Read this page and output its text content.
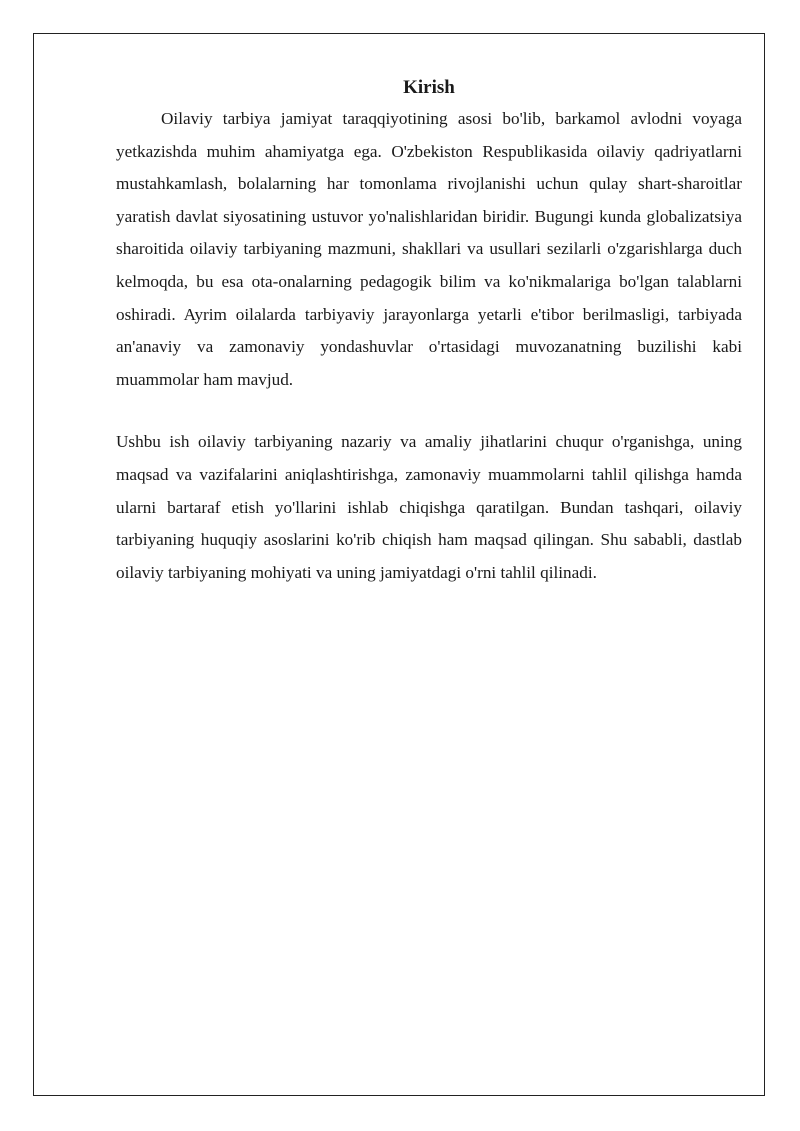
Kirish

Oilaviy tarbiya jamiyat taraqqiyotining asosi bo'lib, barkamol avlodni voyaga yetkazishda muhim ahamiyatga ega. O'zbekiston Respublikasida oilaviy qadriyatlarni mustahkamlash, bolalarning har tomonlama rivojlanishi uchun qulay shart-sharoitlar yaratish davlat siyosatining ustuvor yo'nalishlaridan biridir. Bugungi kunda globalizatsiya sharoitida oilaviy tarbiyaning mazmuni, shakllari va usullari sezilarli o'zgarishlarga duch kelmoqda, bu esa ota-onalarning pedagogik bilim va ko'nikmalariga bo'lgan talablarni oshiradi. Ayrim oilalarda tarbiyaviy jarayonlarga yetarli e'tibor berilmasligi, tarbiyada an'anaviy va zamonaviy yondashuvlar o'rtasidagi muvozanatning buzilishi kabi muammolar ham mavjud.

Ushbu ish oilaviy tarbiyaning nazariy va amaliy jihatlarini chuqur o'rganishga, uning maqsad va vazifalarini aniqlashtirishga, zamonaviy muammolarni tahlil qilishga hamda ularni bartaraf etish yo'llarini ishlab chiqishga qaratilgan. Bundan tashqari, oilaviy tarbiyaning huquqiy asoslarini ko'rib chiqish ham maqsad qilingan. Shu sababli, dastlab oilaviy tarbiyaning mohiyati va uning jamiyatdagi o'rni tahlil qilinadi.
